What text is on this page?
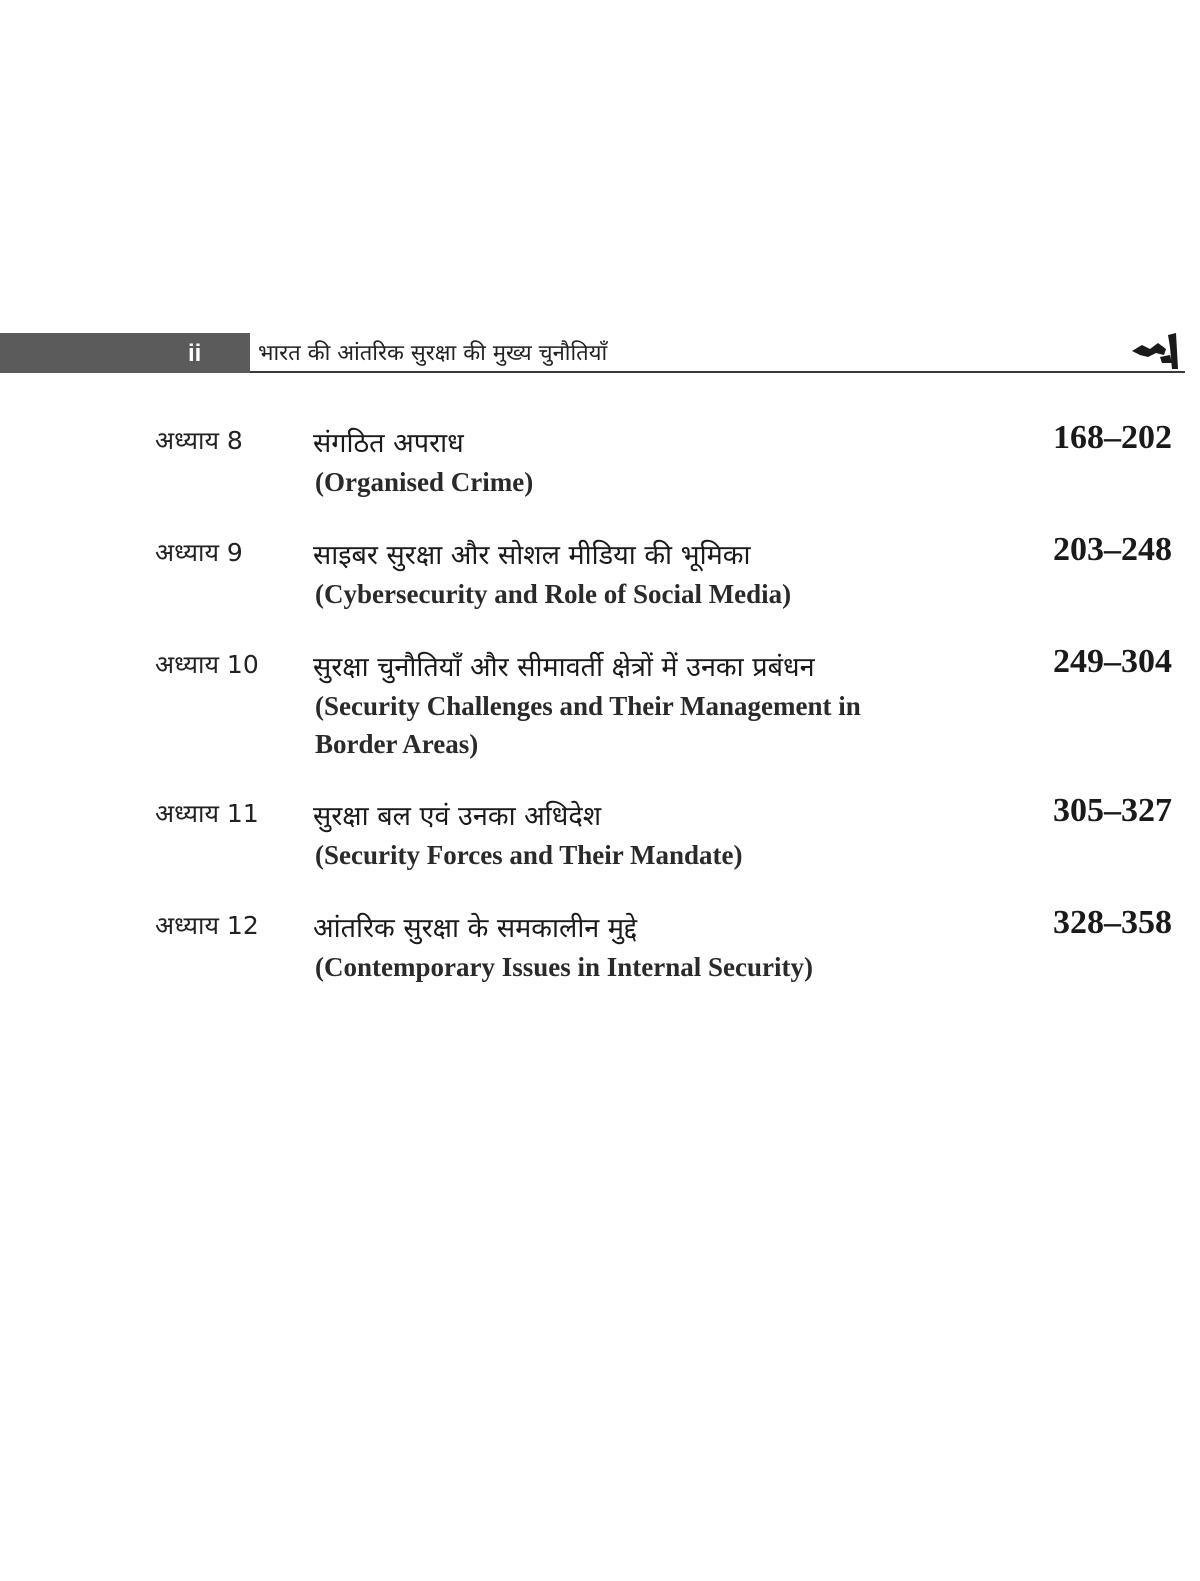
ii	भारत की आंतरिक सुरक्षा की मुख्य चुनौतियाँ
अध्याय 8	संगठित अपराध
(Organised Crime)
168–202
अध्याय 9	साइबर सुरक्षा और सोशल मीडिया की भूमिका
(Cybersecurity and Role of Social Media)
203–248
अध्याय 10 सुरक्षा चुनौतियाँ और सीमावर्ती क्षेत्रों में उनका प्रबंधन
(Security Challenges and Their Management in Border Areas)
249–304
अध्याय 11 सुरक्षा बल एवं उनका अधिदेश
(Security Forces and Their Mandate)
305–327
अध्याय 12 आंतरिक सुरक्षा के समकालीन मुद्दे
(Contemporary Issues in Internal Security)
328–358
